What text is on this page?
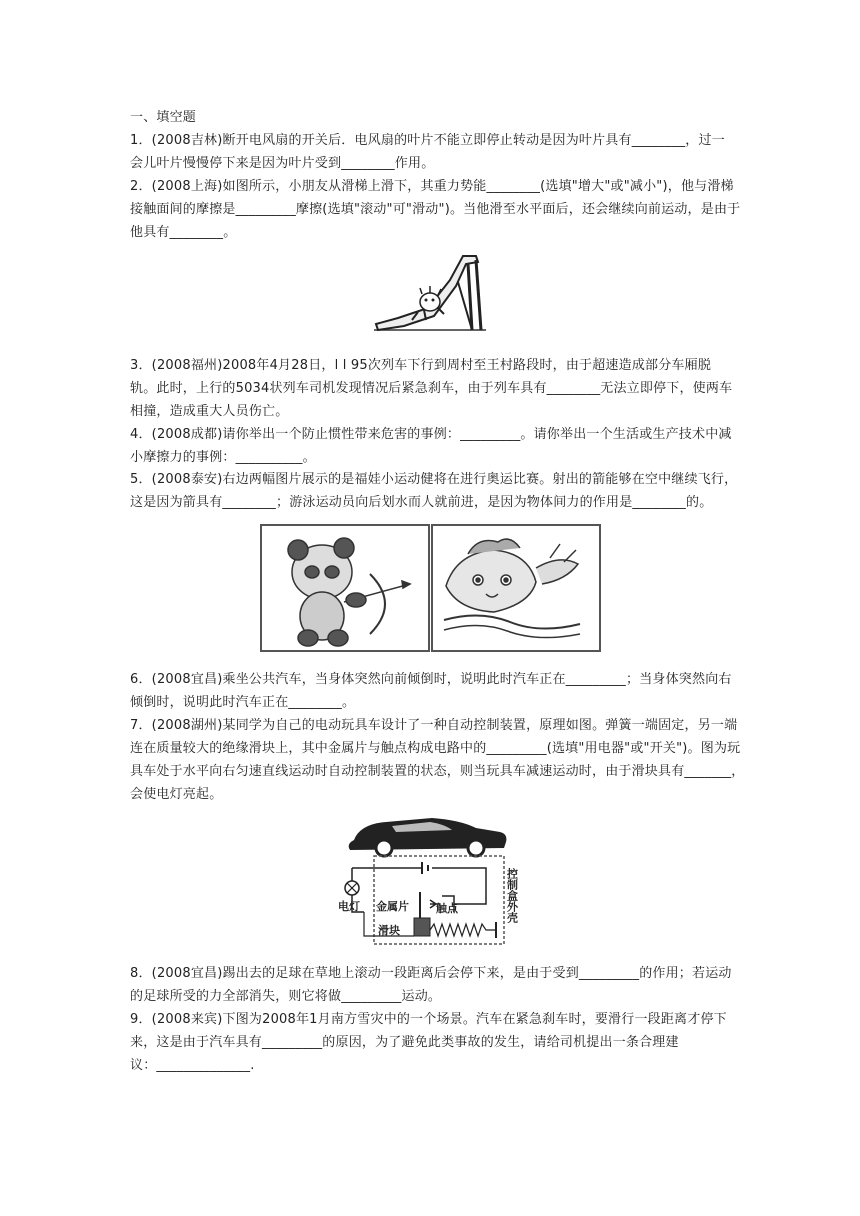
一、填空题
1．(2008吉林)断开电风扇的开关后．电风扇的叶片不能立即停止转动是因为叶片具有________，过一
会儿叶片慢慢停下来是因为叶片受到________作用。
2．(2008上海)如图所示，小朋友从滑梯上滑下，其重力势能________(选填"增大"或"减小")，他与滑梯
接触面间的摩擦是_________摩擦(选填"滚动"可"滑动")。当他滑至水平面后，还会继续向前运动，是由于
他具有________。
3．(2008福州)2008年4月28日，l l 95次列车下行到周村至王村路段时，由于超速造成部分车厢脱
轨。此时，上行的5034状列车司机发现情况后紧急刹车，由于列车具有________无法立即停下，使两车
相撞，造成重大人员伤亡。
4．(2008成都)请你举出一个防止惯性带来危害的事例：_________。请你举出一个生活或生产技术中减
小摩擦力的事例：__________。
5．(2008泰安)右边两幅图片展示的是福娃小运动健将在进行奥运比赛。射出的箭能够在空中继续飞行，
这是因为箭具有________；游泳运动员向后划水而人就前进，是因为物体间力的作用是________的。
6．(2008宜昌)乘坐公共汽车，当身体突然向前倾倒时，说明此时汽车正在_________；当身体突然向右
倾倒时，说明此时汽车正在________。
7．(2008湖州)某同学为自己的电动玩具车设计了一种自动控制装置，原理如图。弹簧一端固定，另一端
连在质量较大的绝缘滑块上，其中金属片与触点构成电路中的_________(选填"用电器"或"开关")。图为玩
具车处于水平向右匀速直线运动时自动控制装置的状态，则当玩具车减速运动时，由于滑块具有_______，
会使电灯亮起。
电灯 金属片 触点
滑块
控制盒外壳
8．(2008宜昌)踢出去的足球在草地上滚动一段距离后会停下来，是由于受到_________的作用；若运动
的足球所受的力全部消失，则它将做_________运动。
9．(2008来宾)下图为2008年1月南方雪灾中的一个场景。汽车在紧急刹车时，要滑行一段距离才停下
来，这是由于汽车具有_________的原因，为了避免此类事故的发生，请给司机提出一条合理建
议：______________.
